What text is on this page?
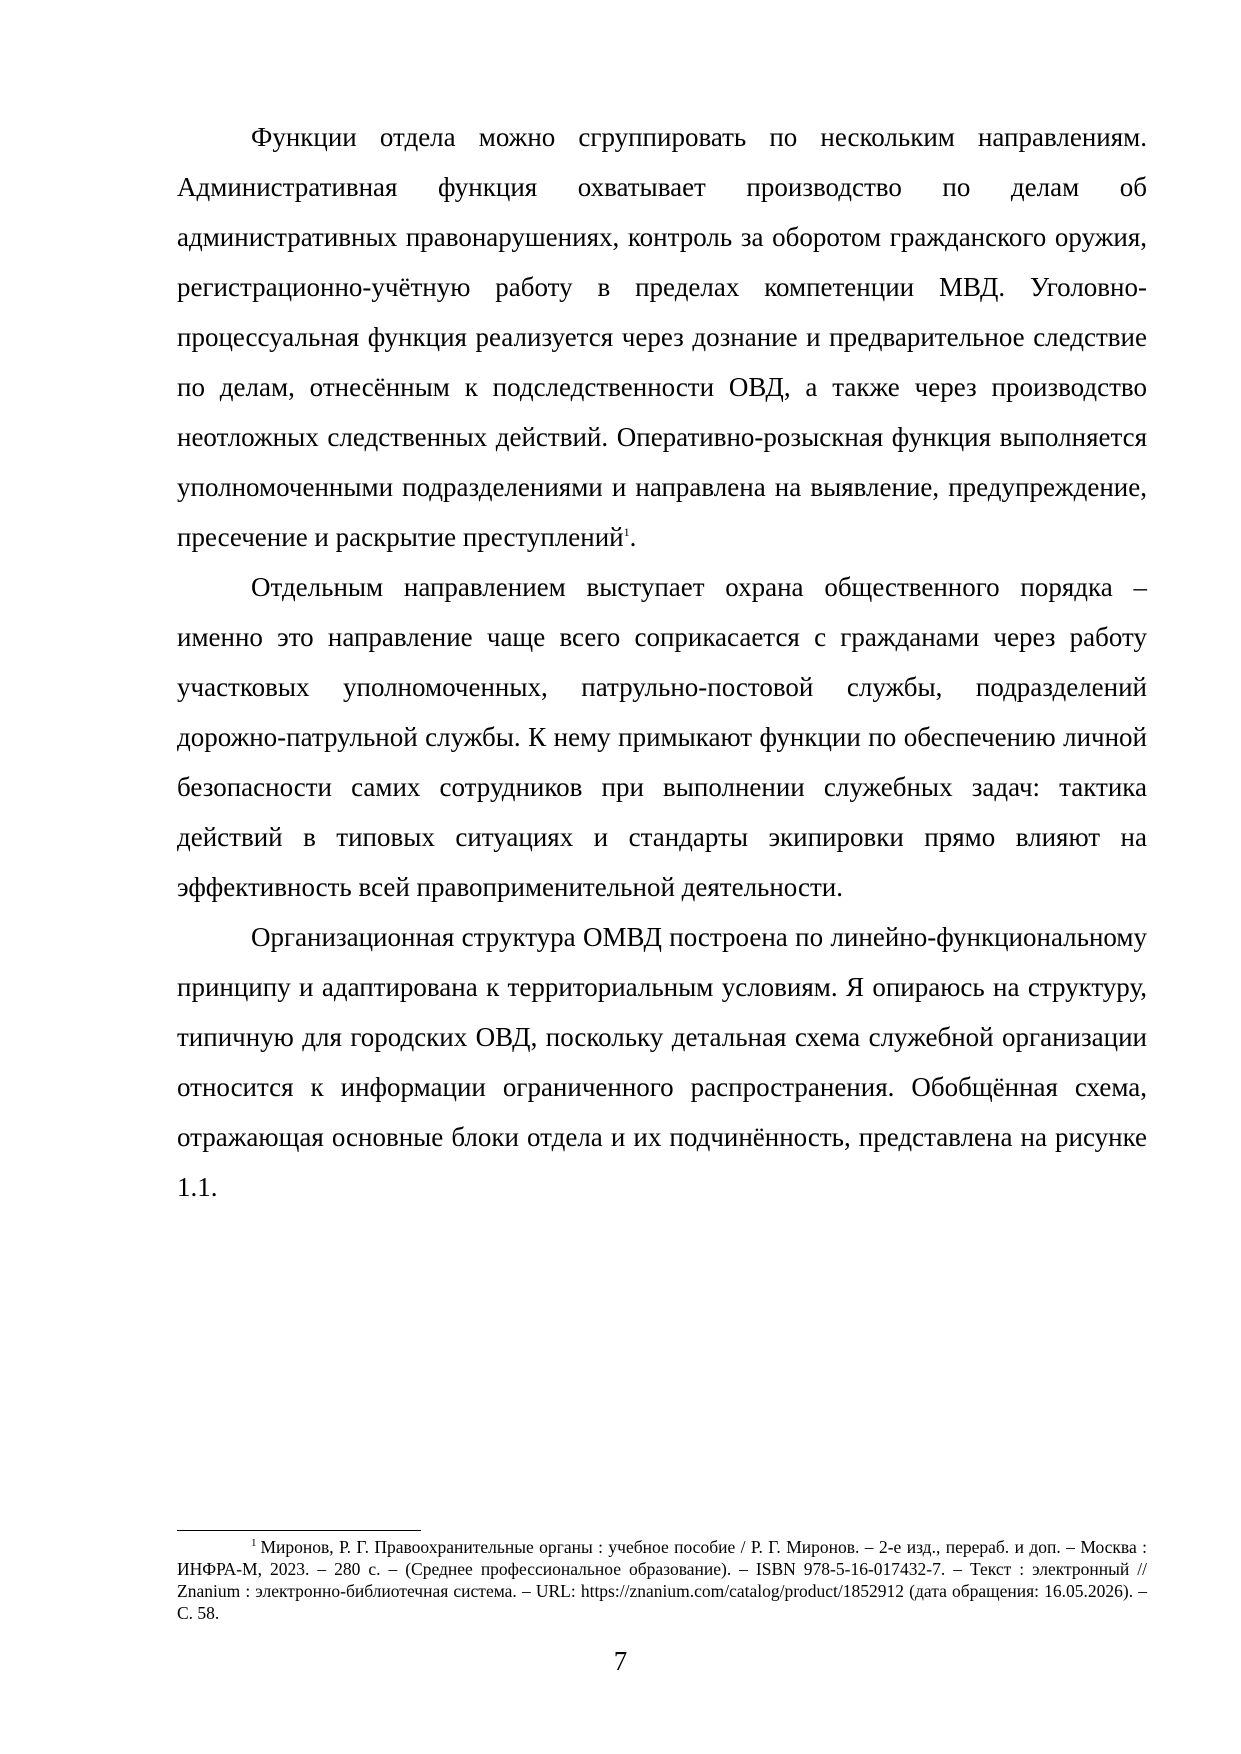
Функции отдела можно сгруппировать по нескольким направлениям. Административная функция охватывает производство по делам об административных правонарушениях, контроль за оборотом гражданского оружия, регистрационно-учётную работу в пределах компетенции МВД. Уголовно-процессуальная функция реализуется через дознание и предварительное следствие по делам, отнесённым к подследственности ОВД, а также через производство неотложных следственных действий. Оперативно-розыскная функция выполняется уполномоченными подразделениями и направлена на выявление, предупреждение, пресечение и раскрытие преступлений$^1$.

Отдельным направлением выступает охрана общественного порядка – именно это направление чаще всего соприкасается с гражданами через работу участковых уполномоченных, патрульно-постовой службы, подразделений дорожно-патрульной службы. К нему примыкают функции по обеспечению личной безопасности самих сотрудников при выполнении служебных задач: тактика действий в типовых ситуациях и стандарты экипировки прямо влияют на эффективность всей правоприменительной деятельности.

Организационная структура ОМВД построена по линейно-функциональному принципу и адаптирована к территориальным условиям. Я опираюсь на структуру, типичную для городских ОВД, поскольку детальная схема служебной организации относится к информации ограниченного распространения. Обобщённая схема, отражающая основные блоки отдела и их подчинённость, представлена на рисунке 1.1.

$^1$ Миронов, Р. Г. Правоохранительные органы : учебное пособие / Р. Г. Миронов. – 2-е изд., перераб. и доп. – Москва : ИНФРА-М, 2023. – 280 с. – (Среднее профессиональное образование). – ISBN 978-5-16-017432-7. – Текст : электронный // Znanium : электронно-библиотечная система. – URL: https://znanium.com/catalog/product/1852912 (дата обращения: 16.05.2026). – С. 58.
7
